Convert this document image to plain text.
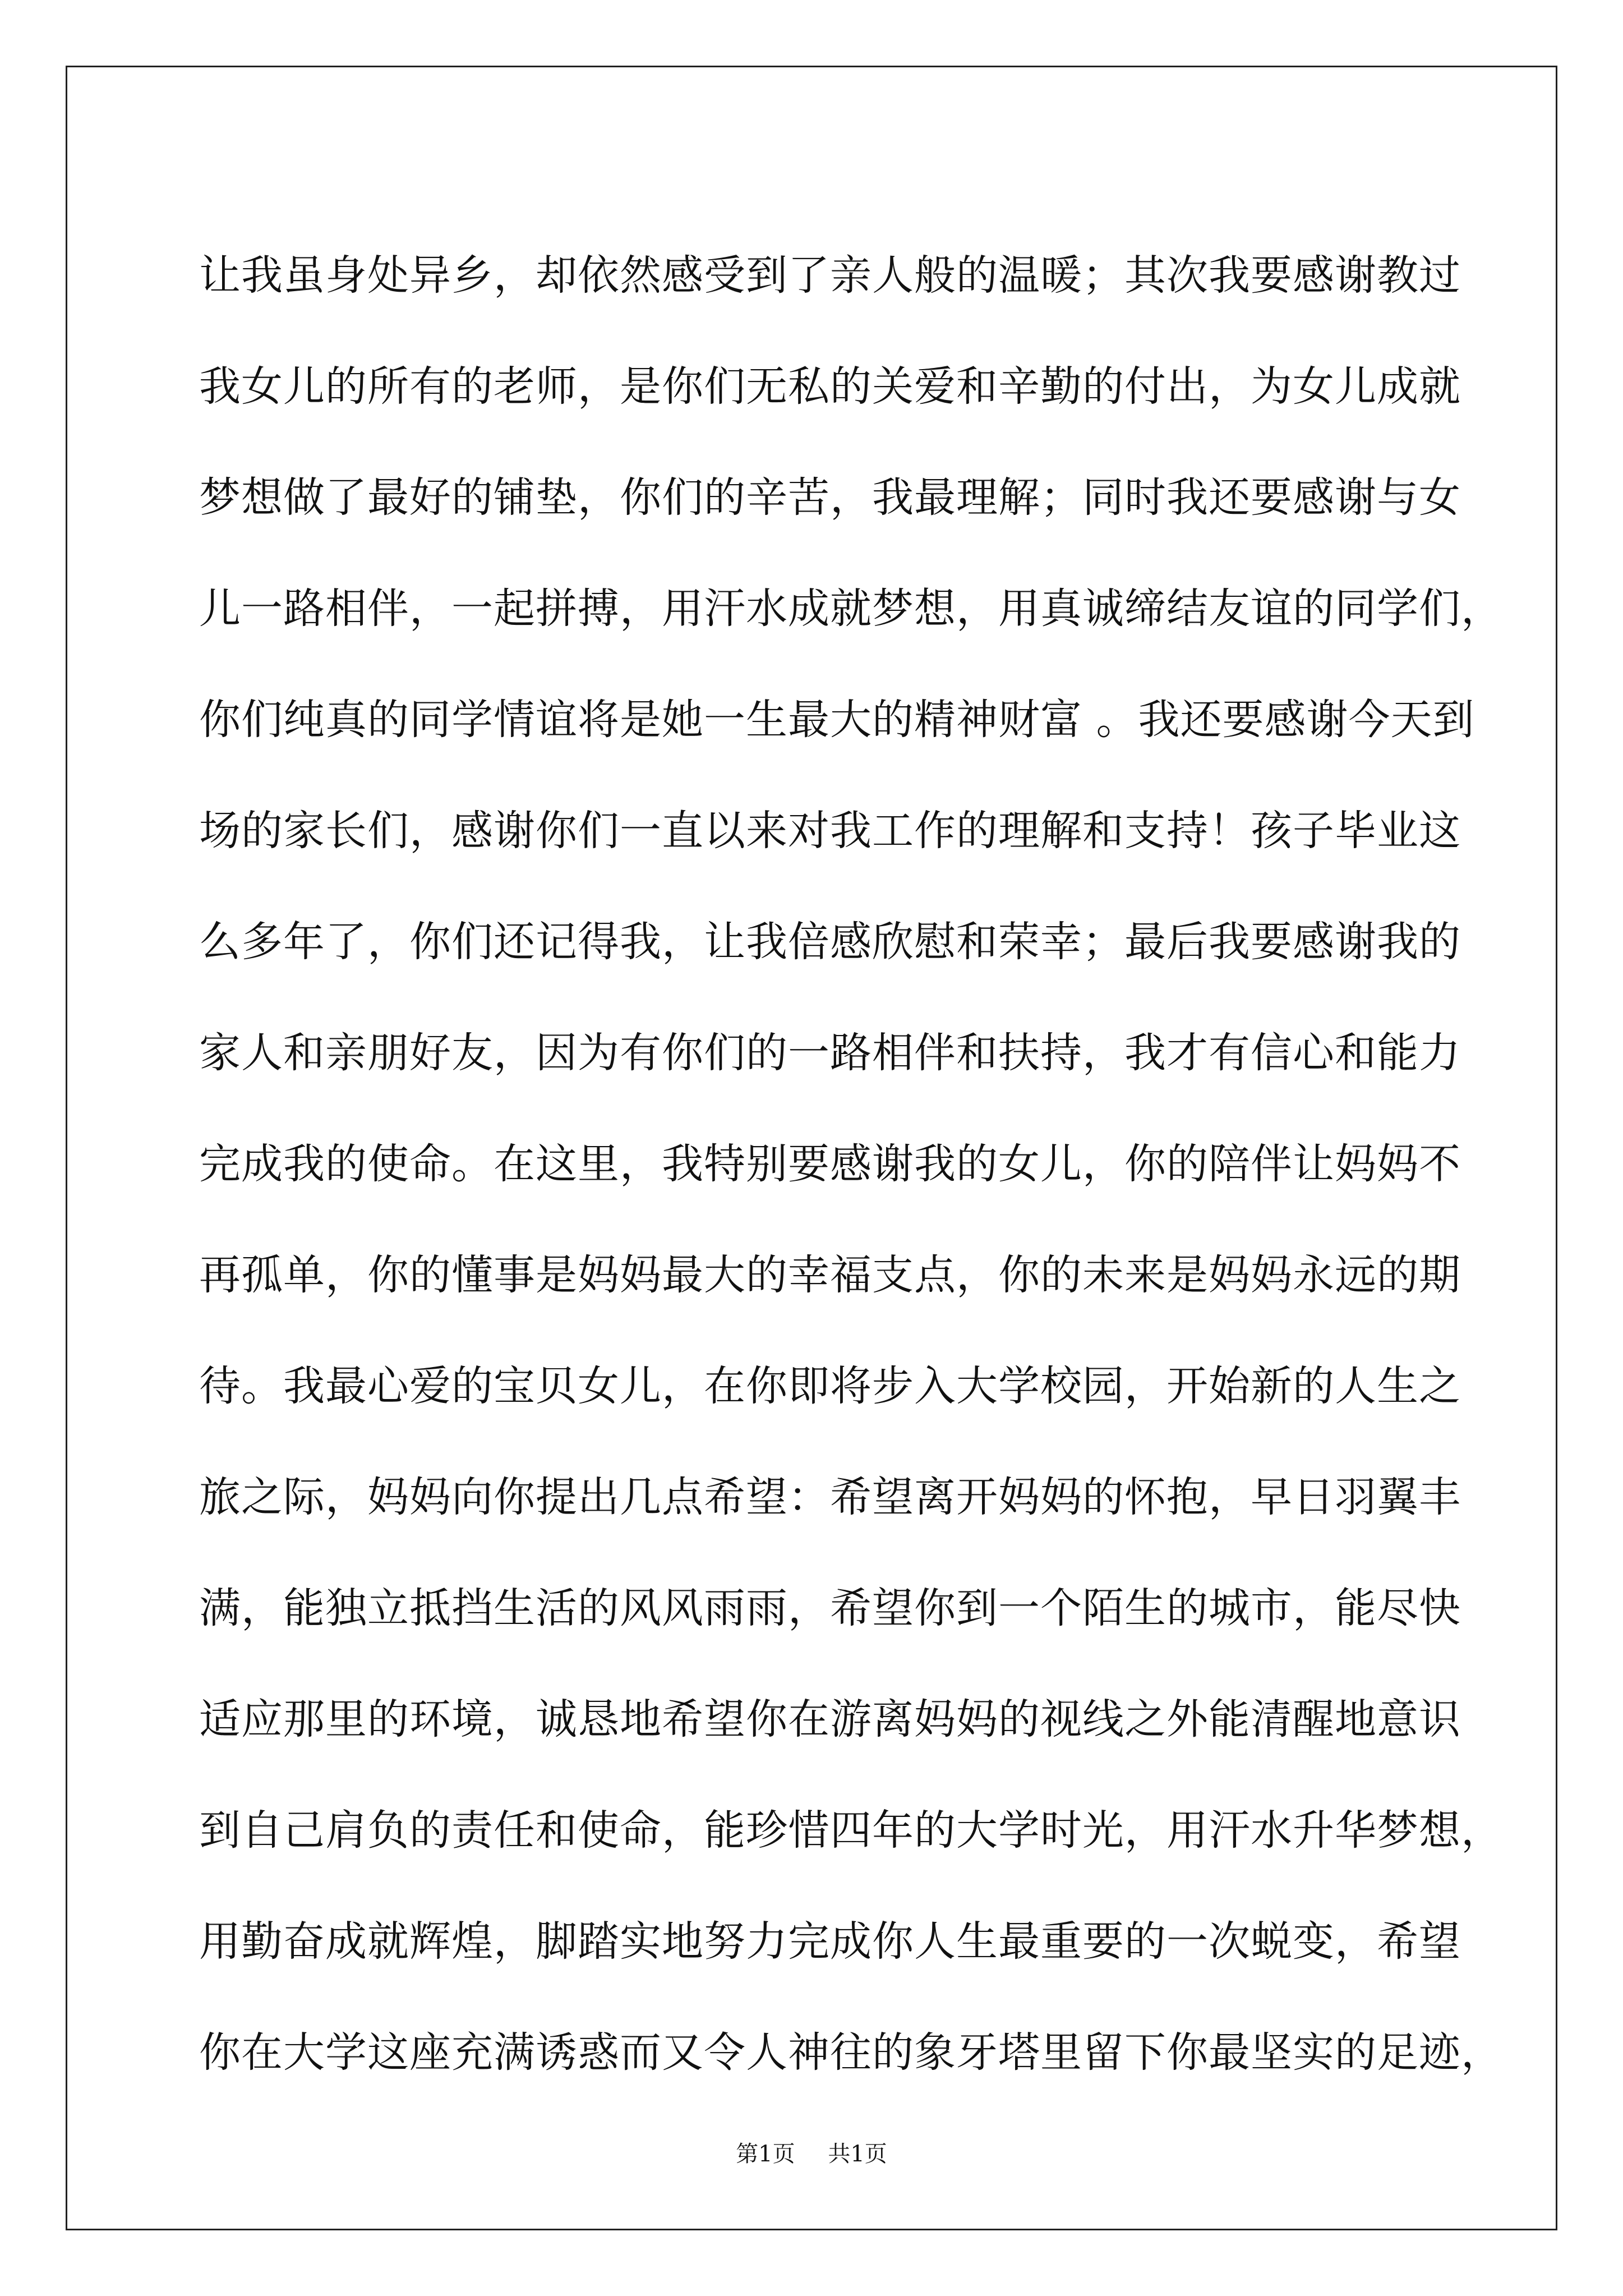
让我虽身处异乡，却依然感受到了亲人般的温暖；其次我要感谢教过
我女儿的所有的老师，是你们无私的关爱和辛勤的付出，为女儿成就
梦想做了最好的铺垫，你们的辛苦，我最理解；同时我还要感谢与女
儿一路相伴，一起拼搏，用汗水成就梦想，用真诚缔结友谊的同学们，
你们纯真的同学情谊将是她一生最大的精神财富 。我还要感谢今天到
场的家长们，感谢你们一直以来对我工作的理解和支持！孩子毕业这
么多年了，你们还记得我，让我倍感欣慰和荣幸；最后我要感谢我的
家人和亲朋好友，因为有你们的一路相伴和扶持，我才有信心和能力
完成我的使命。在这里，我特别要感谢我的女儿，你的陪伴让妈妈不
再孤单，你的懂事是妈妈最大的幸福支点，你的未来是妈妈永远的期
待。我最心爱的宝贝女儿，在你即将步入大学校园，开始新的人生之
旅之际，妈妈向你提出几点希望：希望离开妈妈的怀抱，早日羽翼丰
满，能独立抵挡生活的风风雨雨，希望你到一个陌生的城市，能尽快
适应那里的环境，诚恳地希望你在游离妈妈的视线之外能清醒地意识
到自己肩负的责任和使命，能珍惜四年的大学时光，用汗水升华梦想，
用勤奋成就辉煌，脚踏实地努力完成你人生最重要的一次蜕变，希望
你在大学这座充满诱惑而又令人神往的象牙塔里留下你最坚实的足迹，
第1页 共1页
